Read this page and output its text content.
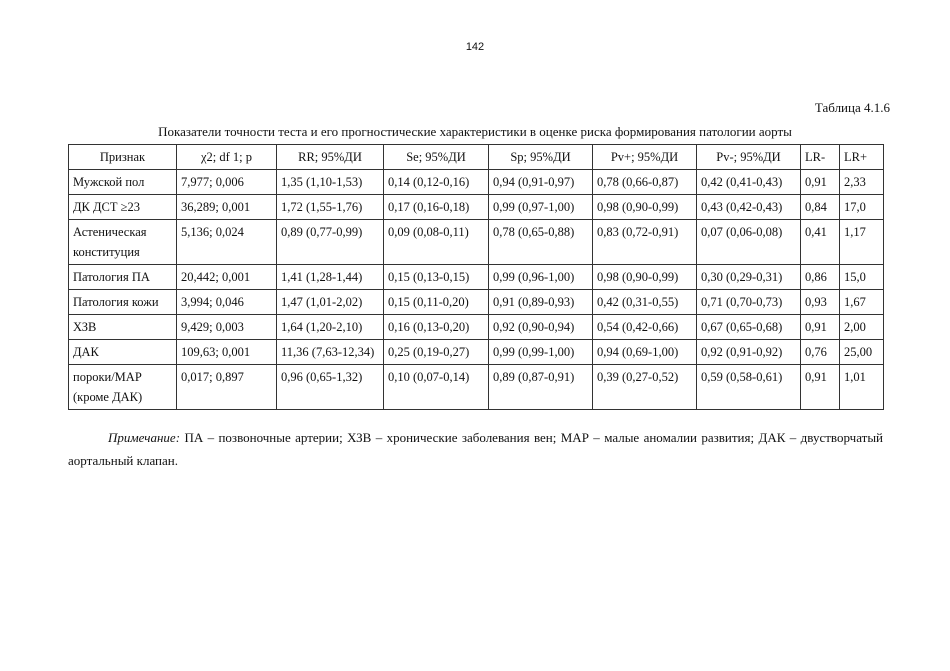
142
Таблица 4.1.6
Показатели точности теста и его прогностические характеристики в оценке риска формирования патологии аорты
Признак	χ2; df 1; p	RR; 95%ДИ	Se; 95%ДИ	Sp; 95%ДИ	Pv+; 95%ДИ	Pv-; 95%ДИ	LR-	LR+
Мужской пол	7,977; 0,006	1,35 (1,10-1,53)	0,14 (0,12-0,16)	0,94 (0,91-0,97)	0,78 (0,66-0,87)	0,42 (0,41-0,43)	0,91	2,33
ДК ДСТ ≥23	36,289; 0,001	1,72 (1,55-1,76)	0,17 (0,16-0,18)	0,99 (0,97-1,00)	0,98 (0,90-0,99)	0,43 (0,42-0,43)	0,84	17,0
Астеническая конституция	5,136; 0,024	0,89 (0,77-0,99)	0,09 (0,08-0,11)	0,78 (0,65-0,88)	0,83 (0,72-0,91)	0,07 (0,06-0,08)	0,41	1,17
Патология ПА	20,442; 0,001	1,41 (1,28-1,44)	0,15 (0,13-0,15)	0,99 (0,96-1,00)	0,98 (0,90-0,99)	0,30 (0,29-0,31)	0,86	15,0
Патология кожи	3,994; 0,046	1,47 (1,01-2,02)	0,15 (0,11-0,20)	0,91 (0,89-0,93)	0,42 (0,31-0,55)	0,71 (0,70-0,73)	0,93	1,67
ХЗВ	9,429; 0,003	1,64 (1,20-2,10)	0,16 (0,13-0,20)	0,92 (0,90-0,94)	0,54 (0,42-0,66)	0,67 (0,65-0,68)	0,91	2,00
ДАК	109,63; 0,001	11,36 (7,63-12,34)	0,25 (0,19-0,27)	0,99 (0,99-1,00)	0,94 (0,69-1,00)	0,92 (0,91-0,92)	0,76	25,00
пороки/МАР (кроме ДАК)	0,017; 0,897	0,96 (0,65-1,32)	0,10 (0,07-0,14)	0,89 (0,87-0,91)	0,39 (0,27-0,52)	0,59 (0,58-0,61)	0,91	1,01
Примечание: ПА – позвоночные артерии; ХЗВ – хронические заболевания вен; МАР – малые аномалии развития; ДАК – двустворчатый аортальный клапан.
